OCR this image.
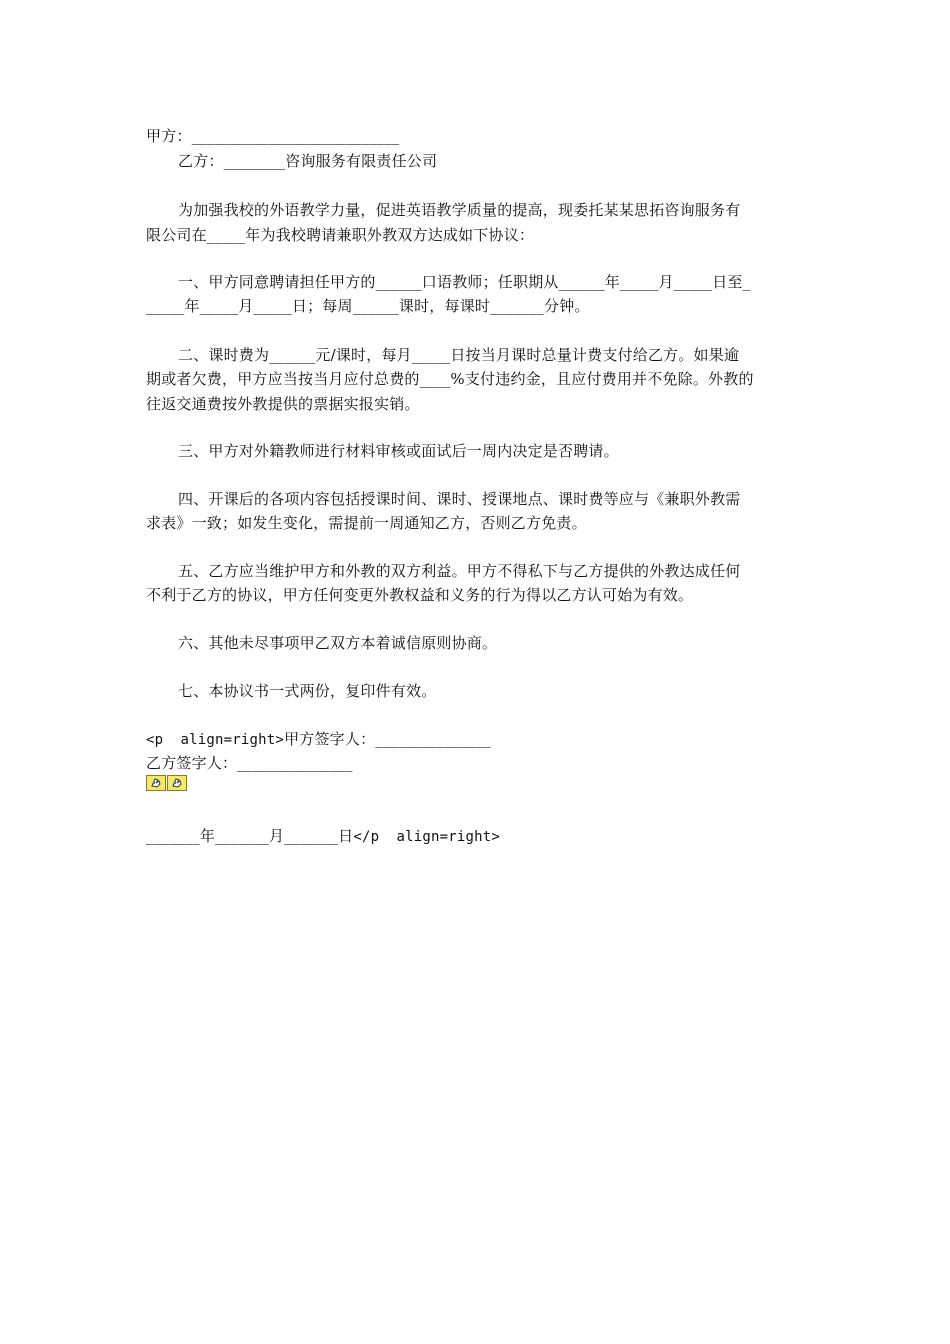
甲方：___________________________
乙方：________咨询服务有限责任公司
为加强我校的外语教学力量，促进英语教学质量的提高，现委托某某思拓咨询服务有
限公司在_____年为我校聘请兼职外教双方达成如下协议：
一、甲方同意聘请担任甲方的______口语教师；任职期从______年_____月_____日至_
_____年_____月_____日；每周______课时，每课时_______分钟。
二、课时费为______元/课时，每月_____日按当月课时总量计费支付给乙方。如果逾
期或者欠费，甲方应当按当月应付总费的____%支付违约金，且应付费用并不免除。外教的
往返交通费按外教提供的票据实报实销。
三、甲方对外籍教师进行材料审核或面试后一周内决定是否聘请。
四、开课后的各项内容包括授课时间、课时、授课地点、课时费等应与《兼职外教需
求表》一致；如发生变化，需提前一周通知乙方，否则乙方免责。
五、乙方应当维护甲方和外教的双方利益。甲方不得私下与乙方提供的外教达成任何
不利于乙方的协议，甲方任何变更外教权益和义务的行为得以乙方认可始为有效。
六、其他未尽事项甲乙双方本着诚信原则协商。
七、本协议书一式两份，复印件有效。
<p  align=right>甲方签字人：_______________
乙方签字人：_______________
_______年_______月_______日</p  align=right>
